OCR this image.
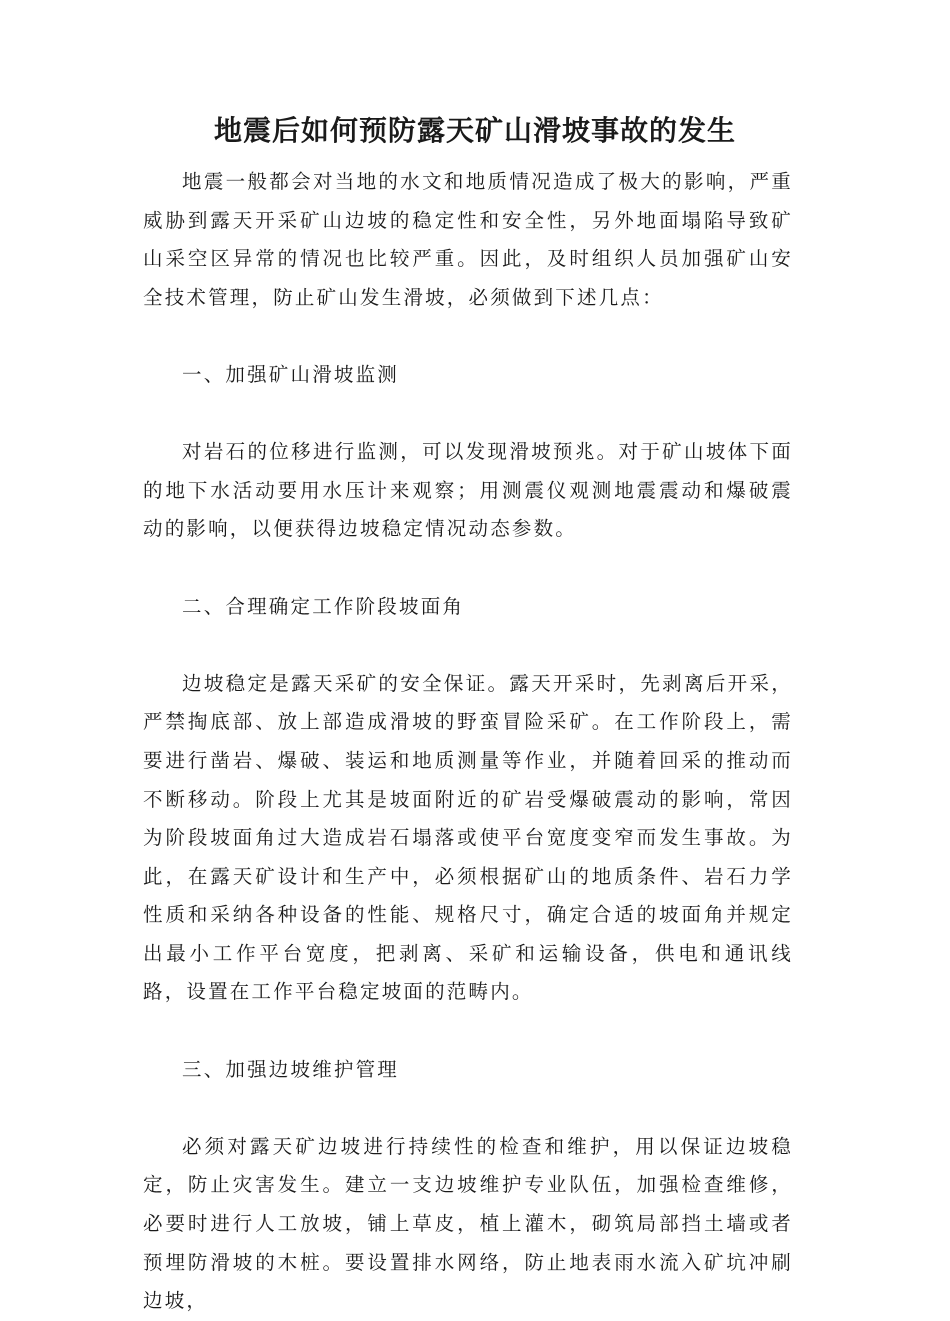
地震后如何预防露天矿山滑坡事故的发生

地震一般都会对当地的水文和地质情况造成了极大的影响，严重威胁到露天开采矿山边坡的稳定性和安全性，另外地面塌陷导致矿山采空区异常的情况也比较严重。因此，及时组织人员加强矿山安全技术管理，防止矿山发生滑坡，必须做到下述几点：

一、加强矿山滑坡监测

对岩石的位移进行监测，可以发现滑坡预兆。对于矿山坡体下面的地下水活动要用水压计来观察；用测震仪观测地震震动和爆破震动的影响，以便获得边坡稳定情况动态参数。

二、合理确定工作阶段坡面角

边坡稳定是露天采矿的安全保证。露天开采时，先剥离后开采，严禁掏底部、放上部造成滑坡的野蛮冒险采矿。在工作阶段上，需要进行凿岩、爆破、装运和地质测量等作业，并随着回采的推动而不断移动。阶段上尤其是坡面附近的矿岩受爆破震动的影响，常因为阶段坡面角过大造成岩石塌落或使平台宽度变窄而发生事故。为此，在露天矿设计和生产中，必须根据矿山的地质条件、岩石力学性质和采纳各种设备的性能、规格尺寸，确定合适的坡面角并规定出最小工作平台宽度，把剥离、采矿和运输设备，供电和通讯线路，设置在工作平台稳定坡面的范畴内。

三、加强边坡维护管理

必须对露天矿边坡进行持续性的检查和维护，用以保证边坡稳定，防止灾害发生。建立一支边坡维护专业队伍，加强检查维修，必要时进行人工放坡，铺上草皮，植上灌木，砌筑局部挡土墙或者预埋防滑坡的木桩。要设置排水网络，防止地表雨水流入矿坑冲刷边坡，
